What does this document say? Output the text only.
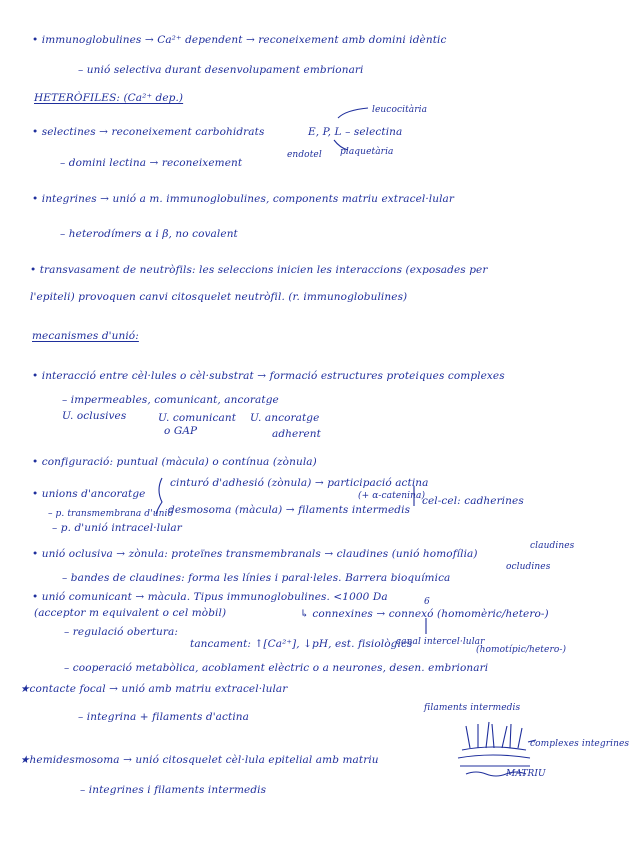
• immunoglobulines → Ca²⁺ dependent → reconeixement amb domini idèntic
– unió selectiva durant desenvolupament embrionari
HETERÒFILES: (Ca²⁺ dep.)
• selectines → reconeixement carbohidrats	E, P, L – selectina
leucocitària
plaquetària
endotel
– domini lectina → reconeixement
• integrines → unió a m. immunoglobulines, components matriu extracel·lular
– heterodímers α i β, no covalent
• transvasament de neutròfils: les seleccions inicien les interaccions (exposades per
l'epiteli) provoquen canvi citosquelet neutròfil. (r. immunoglobulines)
mecanismes d'unió:
• interacció entre cèl·lules o cèl·substrat → formació estructures proteiques complexes
– impermeables, comunicant, ancoratge
U. oclusives	U. comunicant U. ancoratge
o GAP	adherent
• configuració: puntual (màcula) o contínua (zònula)
• unions d'ancoratge
cinturó d'adhesió (zònula) → participació actina
(+ α-catenina)
cel-cel: cadherines
– p. transmembrana d'unió
desmosoma (màcula) → filaments intermedis
– p. d'unió intracel·lular
• unió oclusiva → zònula: proteïnes transmembranals → claudines (unió homofília)
claudines
ocludines
– bandes de claudines: forma les línies i paral·leles. Barrera bioquímica
• unió comunicant → màcula. Tipus immunoglobulines. <1000 Da
(acceptor m equivalent o cel mòbil)	↳ connexines → connexó (homomèric/hetero-)
6
– regulació obertura:
tancament: ↑[Ca²⁺], ↓pH, est. fisiològics
canal intercel·lular
(homotípic/hetero-)
– cooperació metabòlica, acoblament elèctric o a neurones, desen. embrionari
★contacte focal → unió amb matriu extracel·lular
– integrina + filaments d'actina
★hemidesmosoma → unió citosquelet cèl·lula epitelial amb matriu
– integrines i filaments intermedis
filaments intermedis
complexes integrines
MATRIU
